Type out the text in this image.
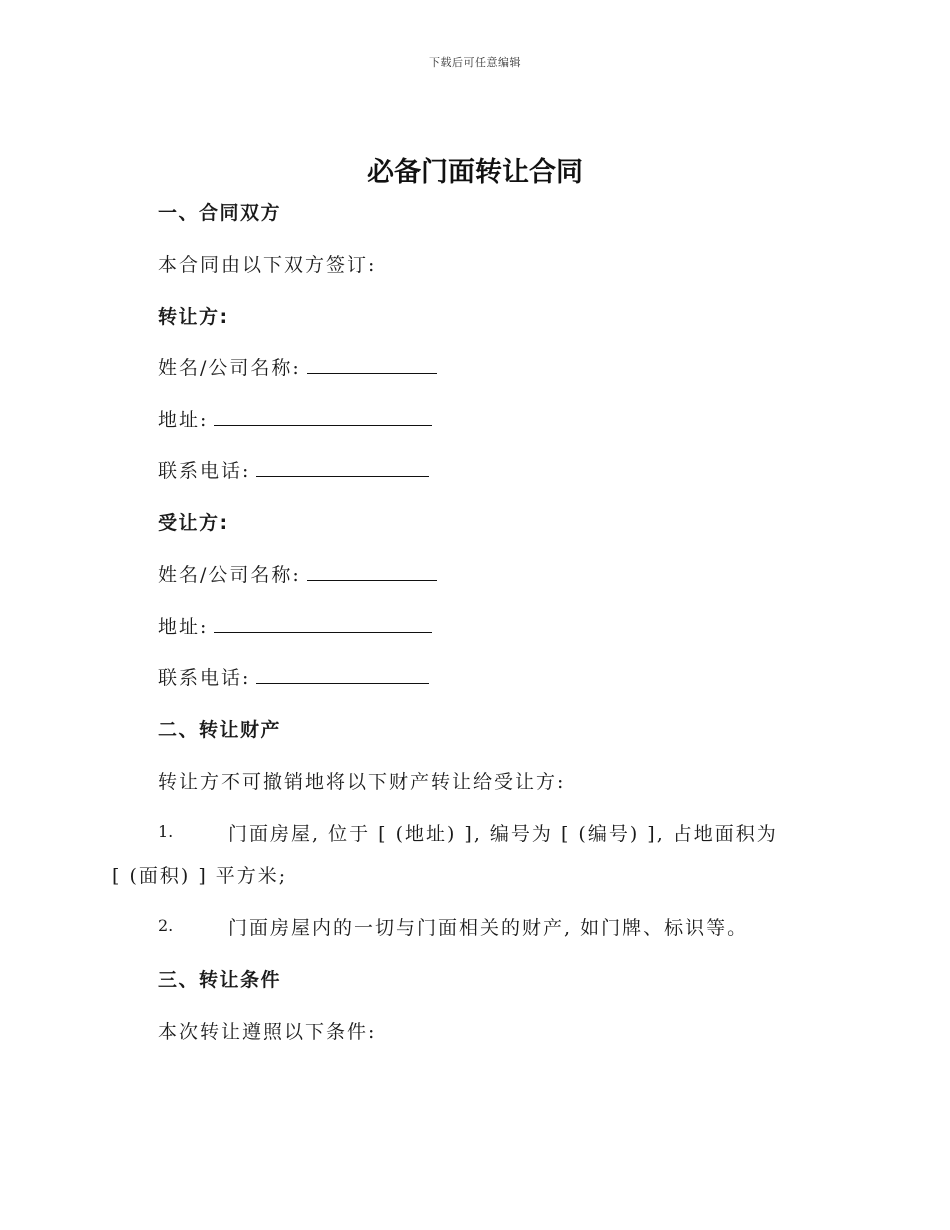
下载后可任意编辑
必备门面转让合同
一、合同双方
本合同由以下双方签订:
转让方:
姓名/公司名称:
地址:
联系电话:
受让方:
姓名/公司名称:
地址:
联系电话:
二、转让财产
转让方不可撤销地将以下财产转让给受让方:
1.	门面房屋, 位于 [ (地址) ], 编号为 [ (编号) ], 占地面积为
[ (面积) ] 平方米;
2.	门面房屋内的一切与门面相关的财产, 如门牌、标识等。
三、转让条件
本次转让遵照以下条件:
